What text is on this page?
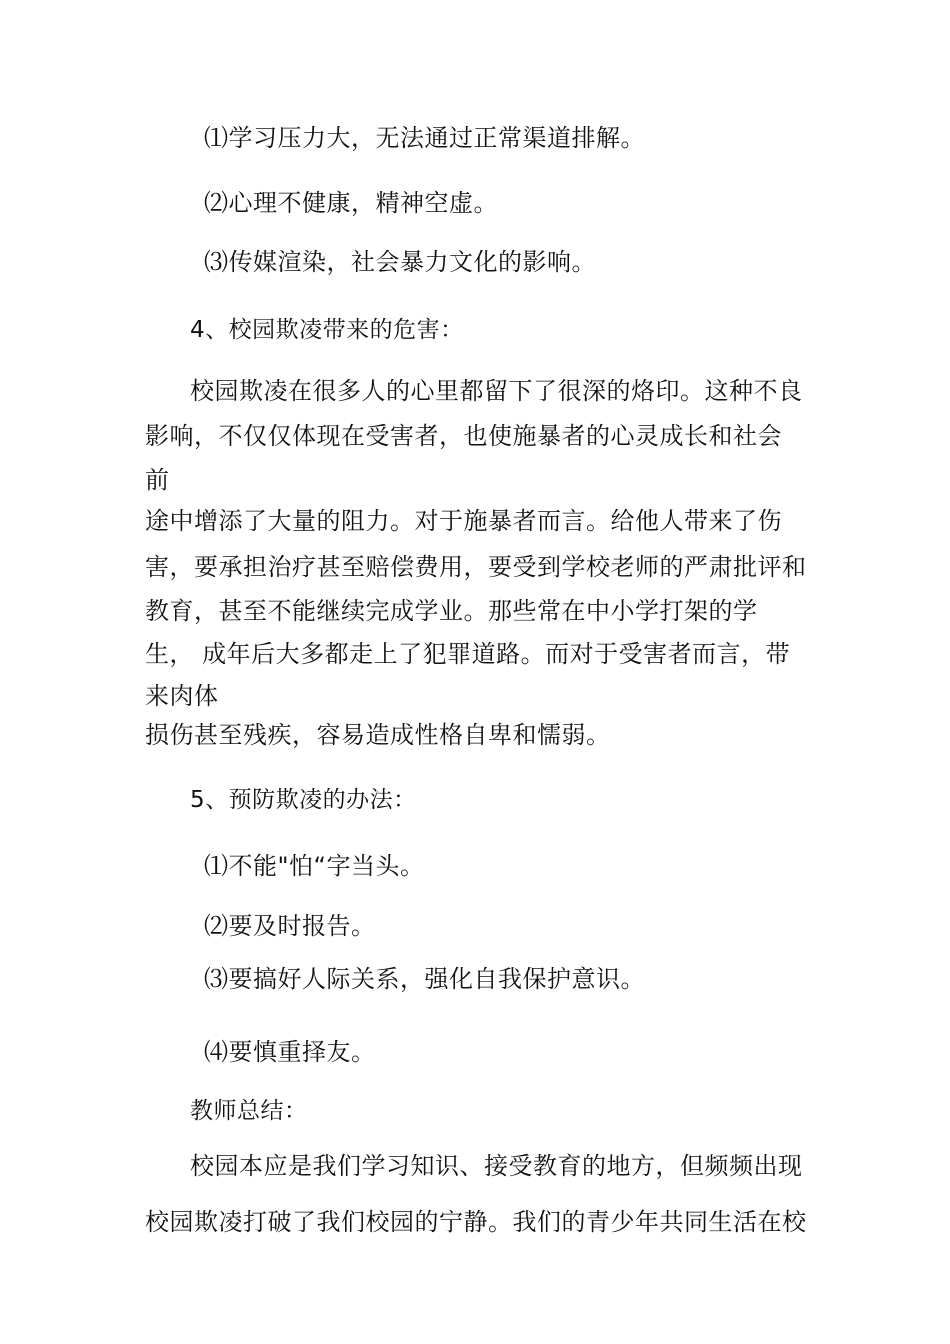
⑴学习压力大，无法通过正常渠道排解。
⑵心理不健康，精神空虚。
⑶传媒渲染，社会暴力文化的影响。
4、校园欺凌带来的危害：
校园欺凌在很多人的心里都留下了很深的烙印。这种不良
影响，不仅仅体现在受害者，也使施暴者的心灵成长和社会
前
途中增添了大量的阻力。对于施暴者而言。给他人带来了伤
害，要承担治疗甚至赔偿费用，要受到学校老师的严肃批评和
教育，甚至不能继续完成学业。那些常在中小学打架的学
生， 成年后大多都走上了犯罪道路。而对于受害者而言，带
来肉体
损伤甚至残疾，容易造成性格自卑和懦弱。
5、预防欺凌的办法：
⑴不能"怕“字当头。
⑵要及时报告。
⑶要搞好人际关系，强化自我保护意识。
⑷要慎重择友。
教师总结：
校园本应是我们学习知识、接受教育的地方，但频频出现
校园欺凌打破了我们校园的宁静。我们的青少年共同生活在校
